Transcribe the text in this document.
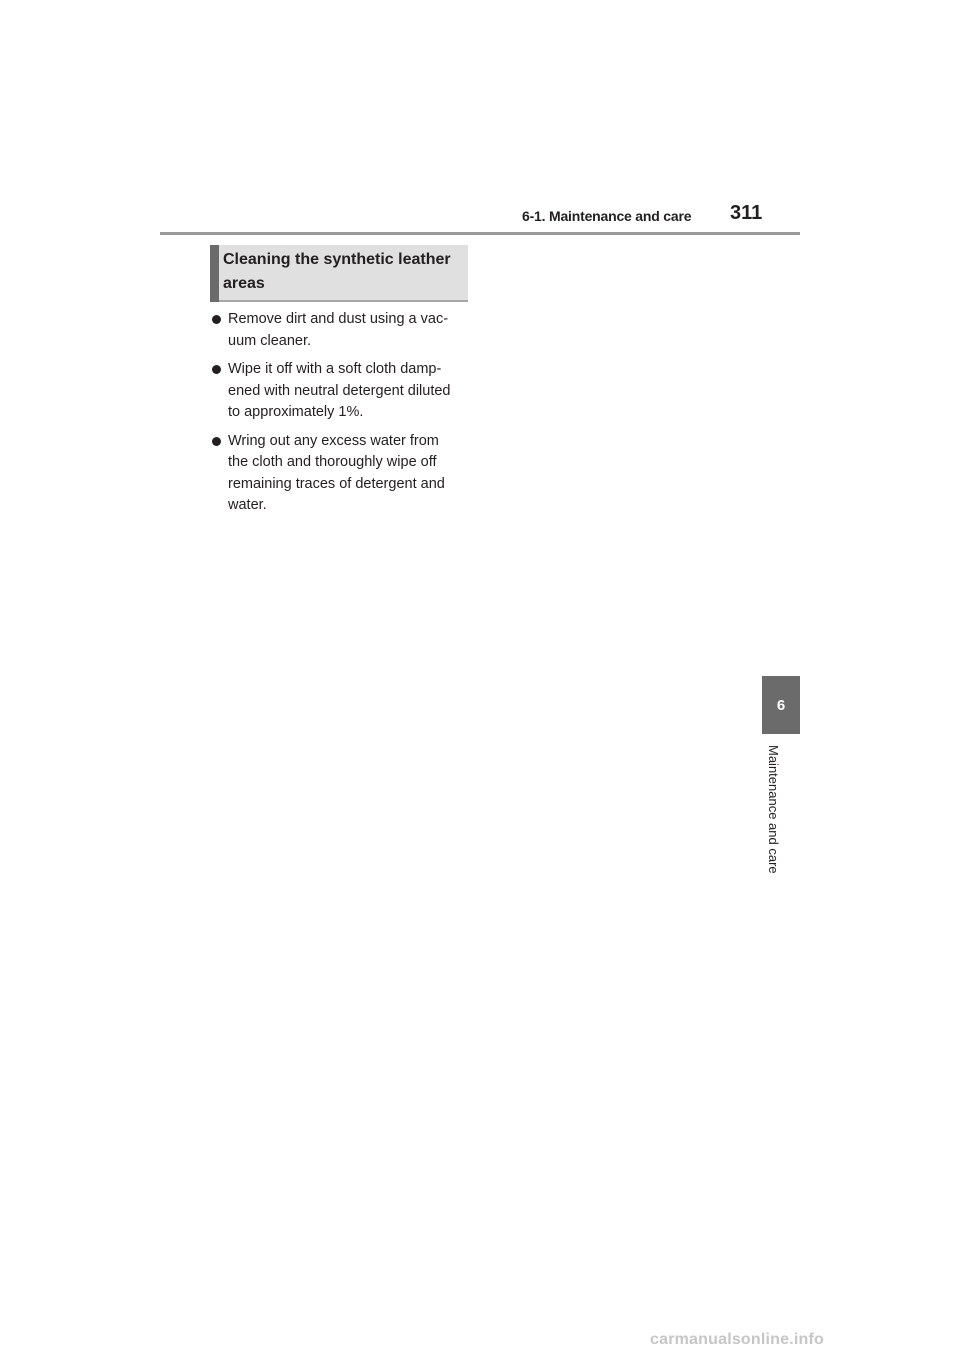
6-1. Maintenance and care 311
Cleaning the synthetic leather
areas
Remove dirt and dust using a vac-
uum cleaner.
Wipe it off with a soft cloth damp-
ened with neutral detergent diluted
to approximately 1%.
Wring out any excess water from
the cloth and thoroughly wipe off
remaining traces of detergent and
water.
6
Maintenance and care
carmanualsonline.info
